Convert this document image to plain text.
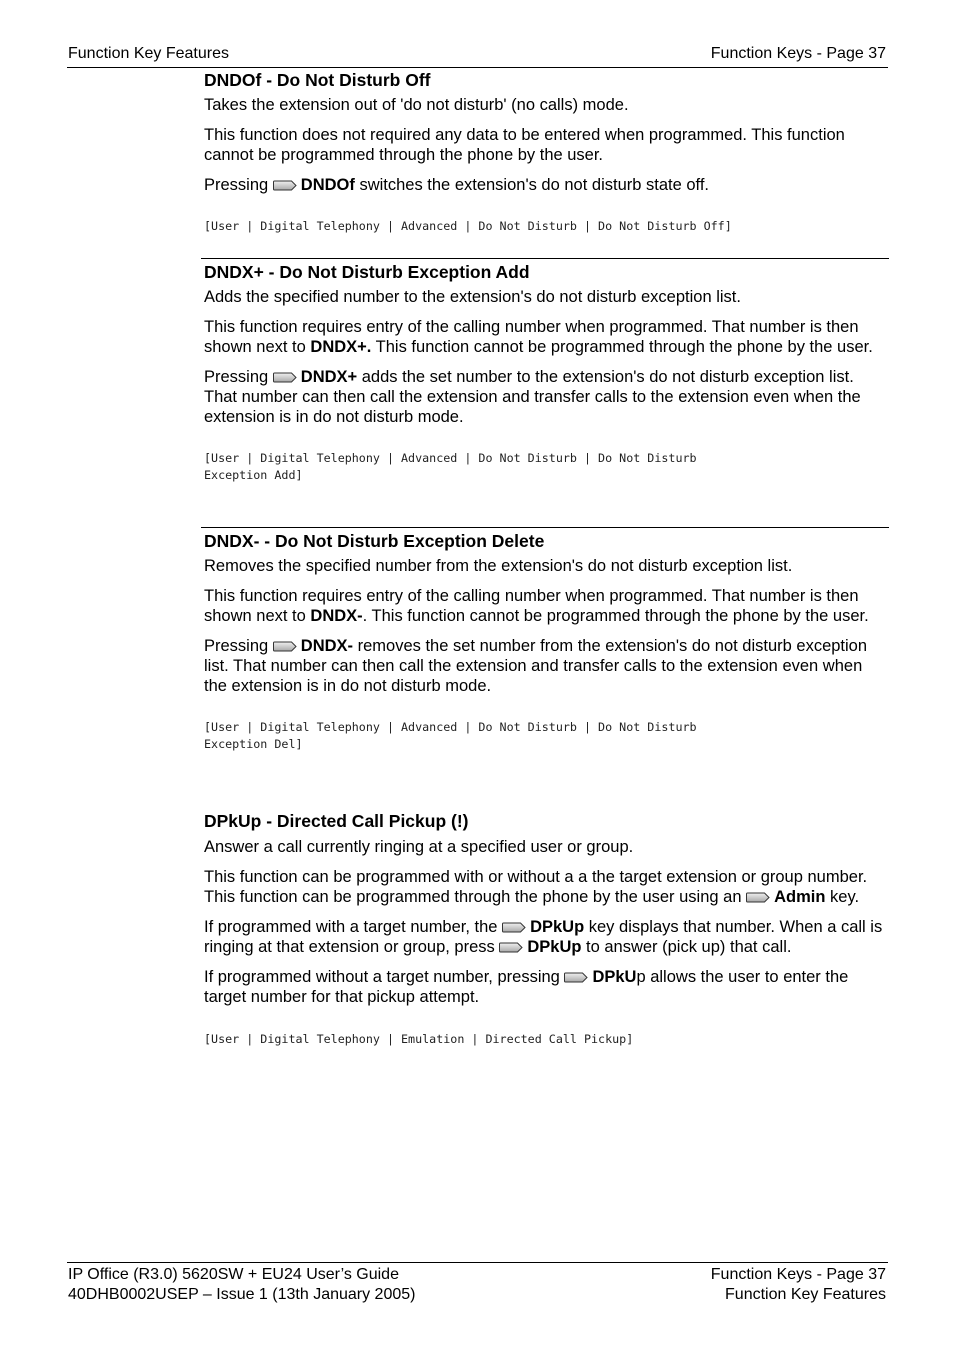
Function Key Features	Function Keys - Page 37
DNDOf - Do Not Disturb Off

Takes the extension out of 'do not disturb' (no calls) mode.

This function does not required any data to be entered when programmed. This function cannot be programmed through the phone by the user.

Pressing
DNDOf switches the extension's do not disturb state off.

[User | Digital Telephony | Advanced | Do Not Disturb | Do Not Disturb Off]
DNDX+ - Do Not Disturb Exception Add

Adds the specified number to the extension's do not disturb exception list.

This function requires entry of the calling number when programmed. That number is then shown next to DNDX+. This function cannot be programmed through the phone by the user.

Pressing
DNDX+ adds the set number to the extension's do not disturb exception list. That number can then call the extension and transfer calls to the extension even when the extension is in do not disturb mode.

[User | Digital Telephony | Advanced | Do Not Disturb | Do Not Disturb
Exception Add]
DNDX- - Do Not Disturb Exception Delete

Removes the specified number from the extension's do not disturb exception list.

This function requires entry of the calling number when programmed. That number is then shown next to DNDX-. This function cannot be programmed through the phone by the user.

Pressing
DNDX- removes the set number from the extension's do not disturb exception list. That number can then call the extension and transfer calls to the extension even when the extension is in do not disturb mode.

[User | Digital Telephony | Advanced | Do Not Disturb | Do Not Disturb
Exception Del]
DPkUp - Directed Call Pickup (!)

Answer a call currently ringing at a specified user or group.

This function can be programmed with or without a a the target extension or group number. This function can be programmed through the phone by the user using an
Admin key.

If programmed with a target number, the
DPkUp key displays that number. When a call is ringing at that extension or group, press
DPkUp to answer (pick up) that call.

If programmed without a target number, pressing
DPkUp allows the user to enter the target number for that pickup attempt.

[User | Digital Telephony | Emulation | Directed Call Pickup]
IP Office (R3.0) 5620SW + EU24 User’s Guide
40DHB0002USEP – Issue 1 (13th January 2005)
Function Keys - Page 37
Function Key Features
